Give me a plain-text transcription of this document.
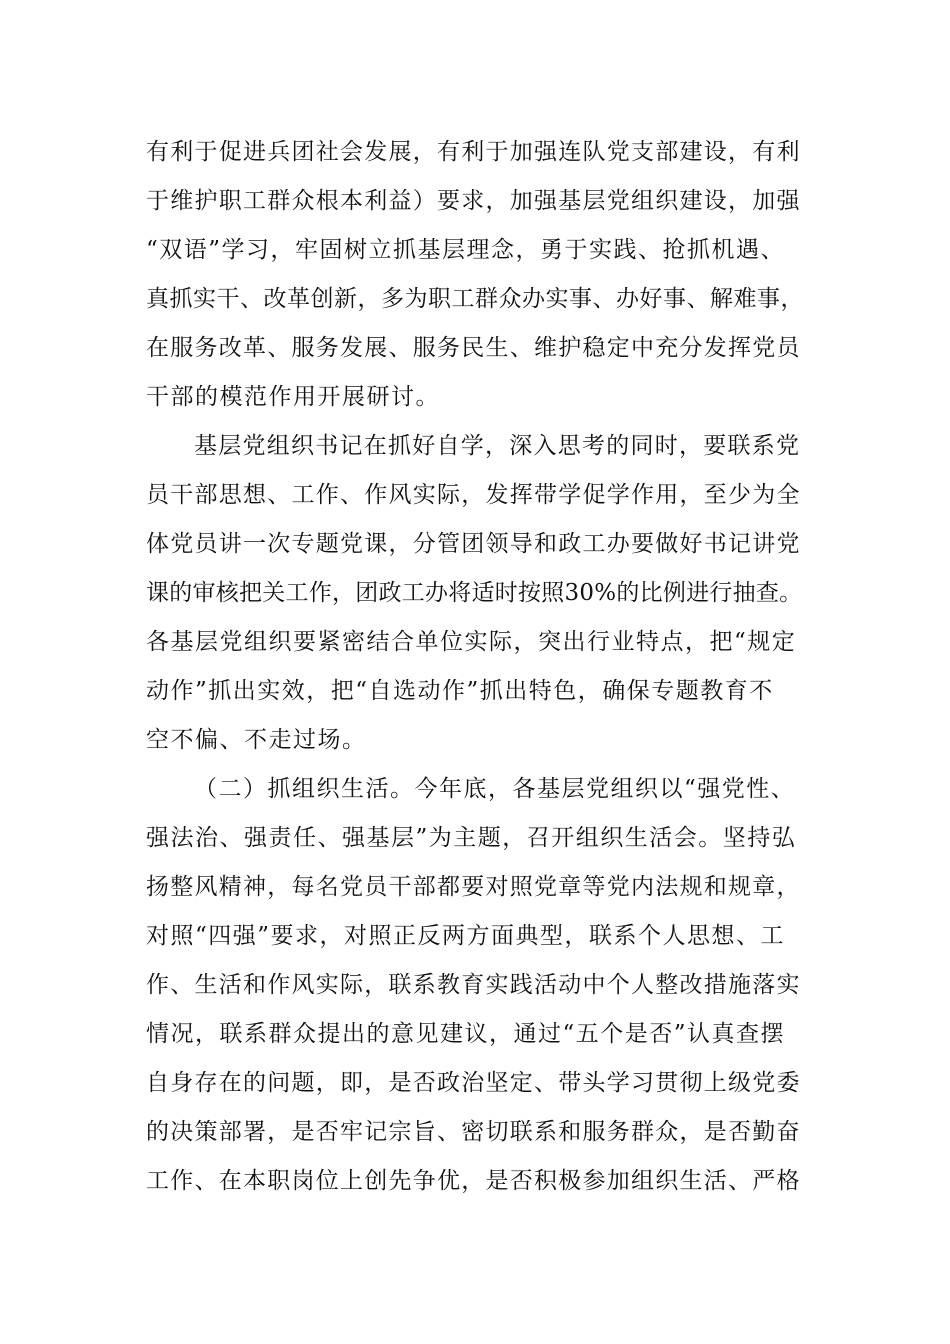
有利于促进兵团社会发展，有利于加强连队党支部建设，有利
于维护职工群众根本利益）要求，加强基层党组织建设，加强
“双语”学习，牢固树立抓基层理念，勇于实践、抢抓机遇、
真抓实干、改革创新，多为职工群众办实事、办好事、解难事，
在服务改革、服务发展、服务民生、维护稳定中充分发挥党员
干部的模范作用开展研讨。
基层党组织书记在抓好自学，深入思考的同时，要联系党
员干部思想、工作、作风实际，发挥带学促学作用，至少为全
体党员讲一次专题党课，分管团领导和政工办要做好书记讲党
课的审核把关工作，团政工办将适时按照30%的比例进行抽查。
各基层党组织要紧密结合单位实际，突出行业特点，把“规定
动作”抓出实效，把“自选动作”抓出特色，确保专题教育不
空不偏、不走过场。
（二）抓组织生活。今年底，各基层党组织以“强党性、
强法治、强责任、强基层”为主题，召开组织生活会。坚持弘
扬整风精神，每名党员干部都要对照党章等党内法规和规章，
对照“四强”要求，对照正反两方面典型，联系个人思想、工
作、生活和作风实际，联系教育实践活动中个人整改措施落实
情况，联系群众提出的意见建议，通过“五个是否”认真查摆
自身存在的问题，即，是否政治坚定、带头学习贯彻上级党委
的决策部署，是否牢记宗旨、密切联系和服务群众，是否勤奋
工作、在本职岗位上创先争优，是否积极参加组织生活、严格
